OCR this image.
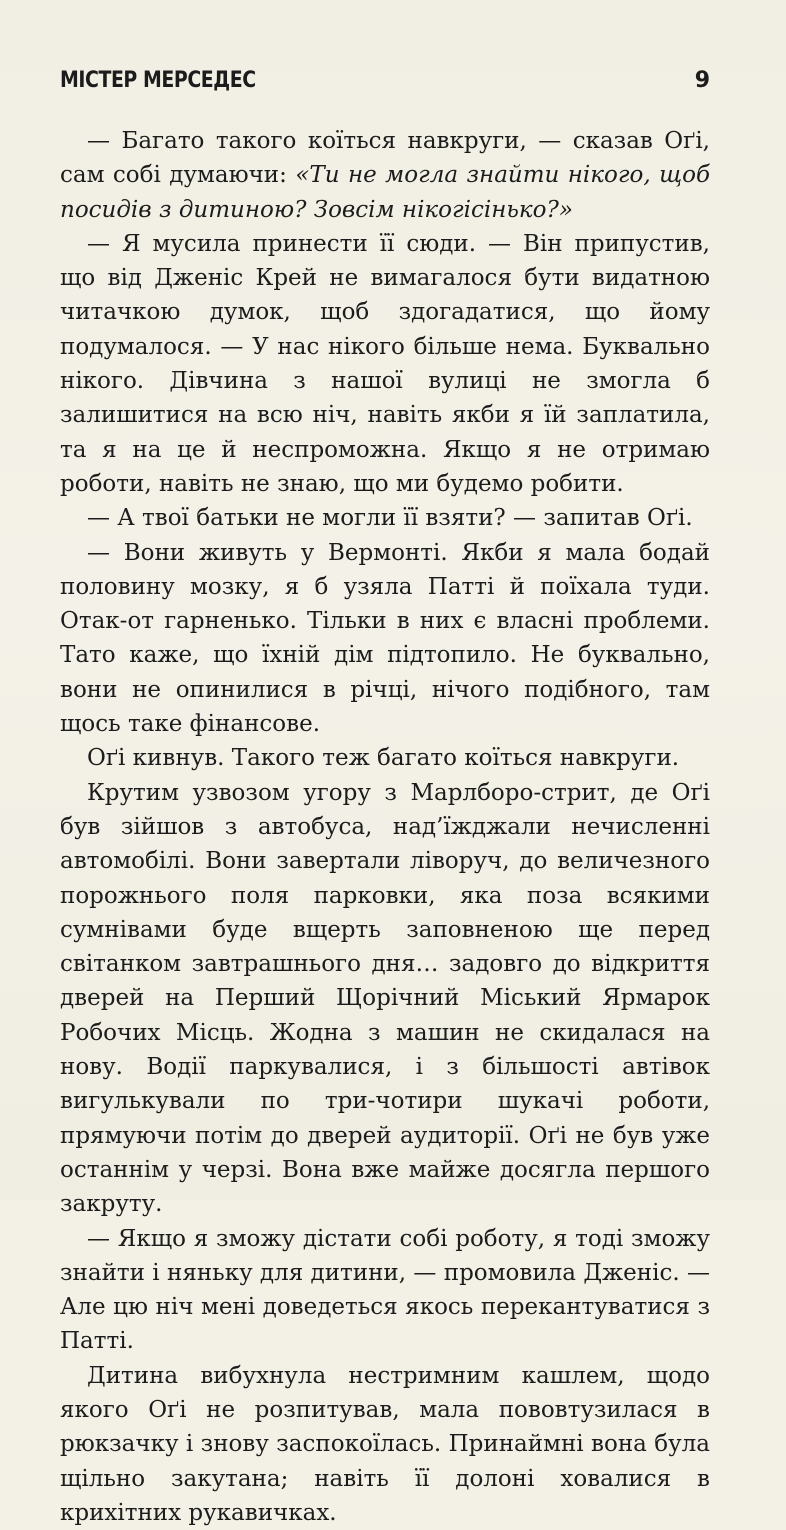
МІСТЕР МЕРСЕДЕС	9

— Багато такого коїться навкруги, — сказав Оґі, сам собі думаючи: «Ти не могла знайти нікого, щоб посидів з дитиною? Зовсім нікогісінько?»

— Я мусила принести її сюди. — Він припустив, що від Дженіс Крей не вимагалося бути видатною читачкою думок, щоб здогадатися, що йому подумалося. — У нас нікого більше нема. Буквально нікого. Дівчина з нашої вулиці не змогла б залишитися на всю ніч, навіть якби я їй заплатила, та я на це й неспроможна. Якщо я не отримаю роботи, навіть не знаю, що ми будемо робити.

— А твої батьки не могли її взяти? — запитав Оґі.

— Вони живуть у Вермонті. Якби я мала бодай половину мозку, я б узяла Патті й поїхала туди. Отак-от гарненько. Тільки в них є власні проблеми. Тато каже, що їхній дім підтопило. Не буквально, вони не опинилися в річці, нічого подібного, там щось таке фінансове.

Оґі кивнув. Такого теж багато коїться навкруги.

Крутим узвозом угору з Марлборо-стрит, де Оґі був зійшов з автобуса, над’їжджали нечисленні автомобілі. Вони завертали ліворуч, до величезного порожнього поля парковки, яка поза всякими сумнівами буде вщерть заповненою ще перед світанком завтрашнього дня… задовго до відкриття дверей на Перший Щорічний Міський Ярмарок Робочих Місць. Жодна з машин не скидалася на нову. Водії паркувалися, і з більшості автівок вигулькували по три-чотири шукачі роботи, прямуючи потім до дверей аудиторії. Оґі не був уже останнім у черзі. Вона вже майже досягла першого закруту.

— Якщо я зможу дістати собі роботу, я тоді зможу знайти і няньку для дитини, — промовила Дженіс. — Але цю ніч мені доведеться якось перекантуватися з Патті.

Дитина вибухнула нестримним кашлем, щодо якого Оґі не розпитував, мала пововтузилася в рюкзачку і знову заспокоїлась. Принаймні вона була щільно закутана; навіть її долоні ховалися в крихітних рукавичках.
